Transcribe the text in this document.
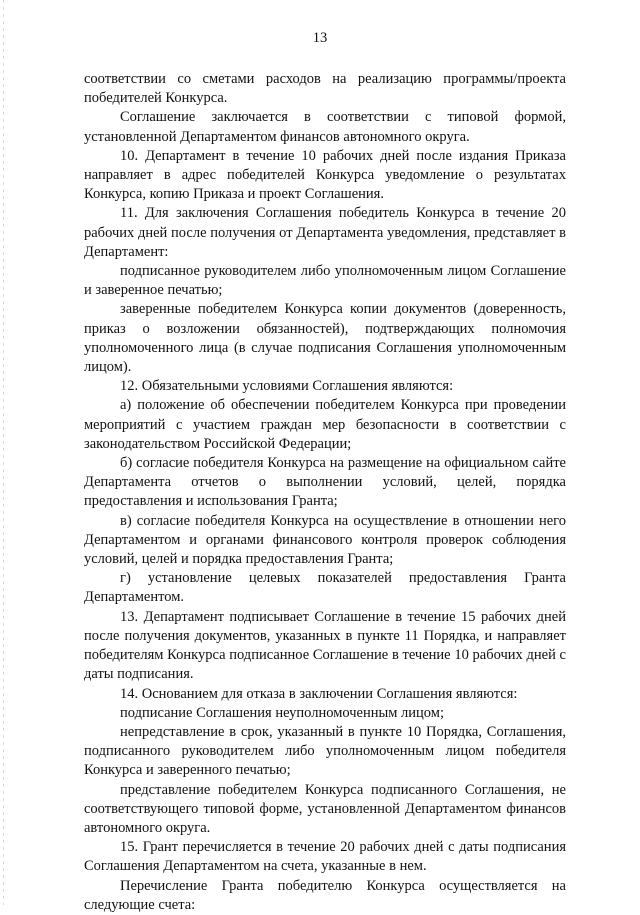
13

соответствии со сметами расходов на реализацию программы/проекта победителей Конкурса.

Соглашение заключается в соответствии с типовой формой, установленной Департаментом финансов автономного округа.

10. Департамент в течение 10 рабочих дней после издания Приказа направляет в адрес победителей Конкурса уведомление о результатах Конкурса, копию Приказа и проект Соглашения.

11. Для заключения Соглашения победитель Конкурса в течение 20 рабочих дней после получения от Департамента уведомления, представляет в Департамент:

подписанное руководителем либо уполномоченным лицом Соглашение и заверенное печатью;

заверенные победителем Конкурса копии документов (доверенность, приказ о возложении обязанностей), подтверждающих полномочия уполномоченного лица (в случае подписания Соглашения уполномоченным лицом).

12. Обязательными условиями Соглашения являются:

а) положение об обеспечении победителем Конкурса при проведении мероприятий с участием граждан мер безопасности в соответствии с законодательством Российской Федерации;

б) согласие победителя Конкурса на размещение на официальном сайте Департамента отчетов о выполнении условий, целей, порядка предоставления и использования Гранта;

в) согласие победителя Конкурса на осуществление в отношении него Департаментом и органами финансового контроля проверок соблюдения условий, целей и порядка предоставления Гранта;

г) установление целевых показателей предоставления Гранта Департаментом.

13. Департамент подписывает Соглашение в течение 15 рабочих дней после получения документов, указанных в пункте 11 Порядка, и направляет победителям Конкурса подписанное Соглашение в течение 10 рабочих дней с даты подписания.

14. Основанием для отказа в заключении Соглашения являются:

подписание Соглашения неуполномоченным лицом;

непредставление в срок, указанный в пункте 10 Порядка, Соглашения, подписанного руководителем либо уполномоченным лицом победителя Конкурса и заверенного печатью;

представление победителем Конкурса подписанного Соглашения, не соответствующего типовой форме, установленной Департаментом финансов автономного округа.

15. Грант перечисляется в течение 20 рабочих дней с даты подписания Соглашения Департаментом на счета, указанные в нем.

Перечисление Гранта победителю Конкурса осуществляется на следующие счета:
